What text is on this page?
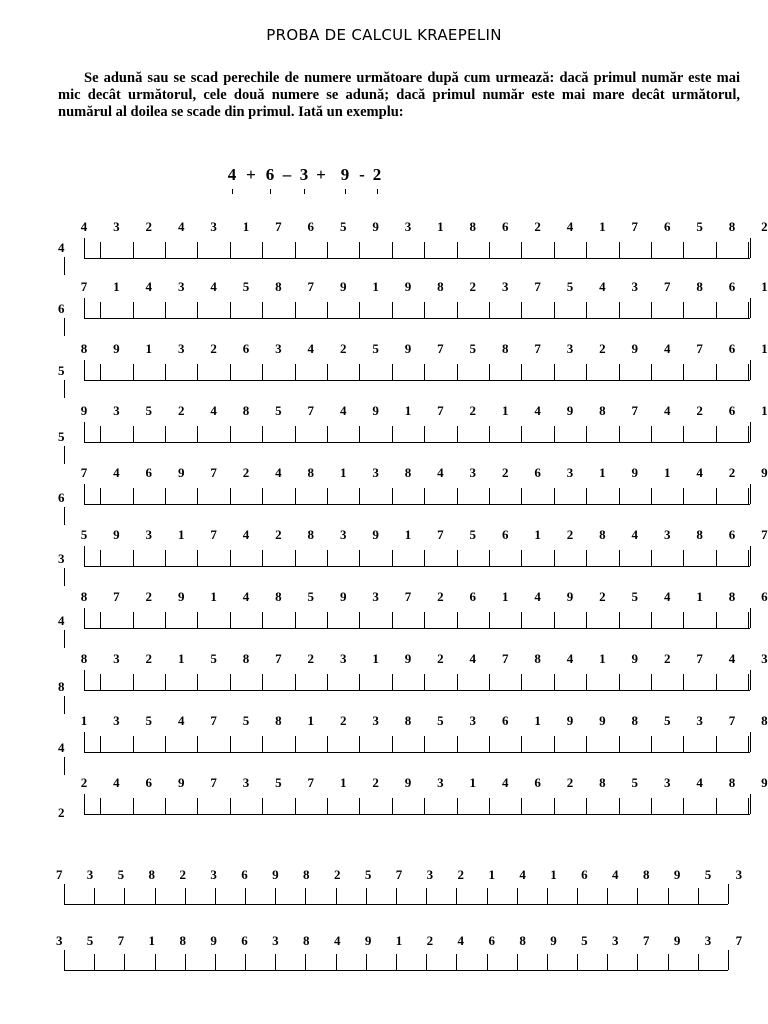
PROBA DE CALCUL KRAEPELIN
Se adună sau se scad perechile de numere următoare după cum urmează: dacă primul număr este mai mic decât următorul, cele două numere se adună; dacă primul număr este mai mare decât următorul, numărul al doilea se scade din primul. Iată un exemplu:
4 + 6 – 3 + 9 - 2
4
4 3 2 4 3 1 7 6 5 9 3 1 8 6 2 4 1 7 6 5 8 2
6
7 1 4 3 4 5 8 7 9 1 9 8 2 3 7 5 4 3 7 8 6 1
5
8 9 1 3 2 6 3 4 2 5 9 7 5 8 7 3 2 9 4 7 6 1
5
9 3 5 2 4 8 5 7 4 9 1 7 2 1 4 9 8 7 4 2 6 1
6
7 4 6 9 7 2 4 8 1 3 8 4 3 2 6 3 1 9 1 4 2 9
3
5 9 3 1 7 4 2 8 3 9 1 7 5 6 1 2 8 4 3 8 6 7
4
8 7 2 9 1 4 8 5 9 3 7 2 6 1 4 9 2 5 4 1 8 6
8
8 3 2 1 5 8 7 2 3 1 9 2 4 7 8 4 1 9 2 7 4 3
4
1 3 5 4 7 5 8 1 2 3 8 5 3 6 1 9 9 8 5 3 7 8
2
2 4 6 9 7 3 5 7 1 2 9 3 1 4 6 2 8 5 3 4 8 9
7 3 5 8 2 3 6 9 8 2 5 7 3 2 1 4 1 6 4 8 9 5 3
3 5 7 1 8 9 6 3 8 4 9 1 2 4 6 8 9 5 3 7 9 3 7
